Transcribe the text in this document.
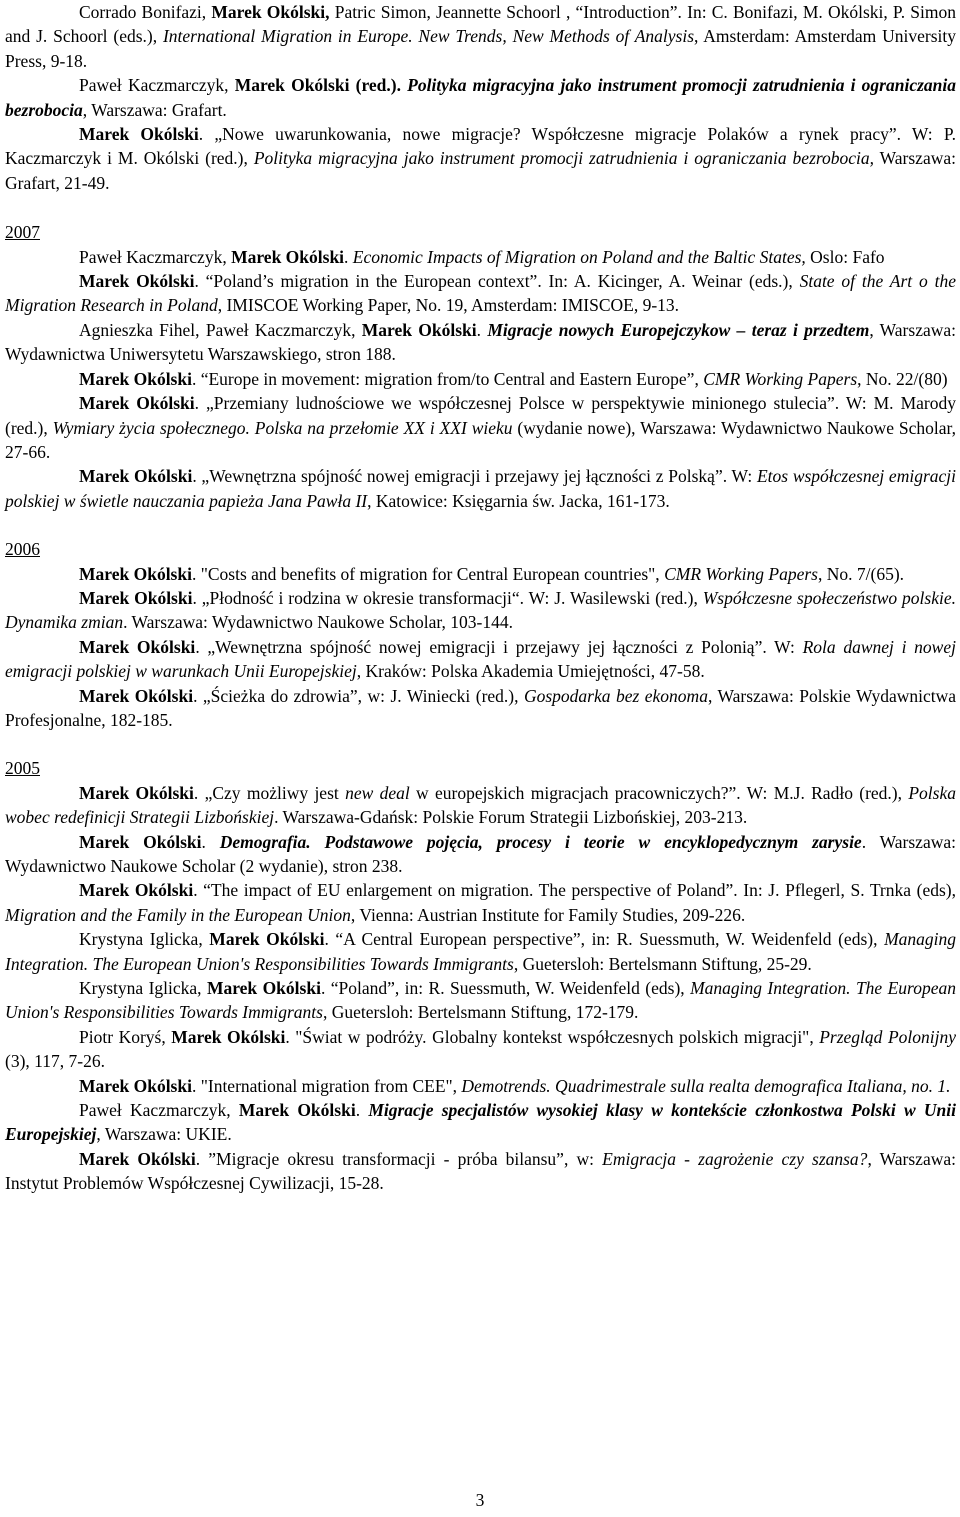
Corrado Bonifazi, Marek Okólski, Patric Simon, Jeannette Schoorl , “Introduction”. In: C. Bonifazi, M. Okólski, P. Simon and J. Schoorl (eds.), International Migration in Europe. New Trends, New Methods of Analysis, Amsterdam: Amsterdam University Press, 9-18.

Paweł Kaczmarczyk, Marek Okólski (red.). Polityka migracyjna jako instrument promocji zatrudnienia i ograniczania bezrobocia, Warszawa: Grafart.

Marek Okólski. „Nowe uwarunkowania, nowe migracje? Współczesne migracje Polaków a rynek pracy”. W: P. Kaczmarczyk i M. Okólski (red.), Polityka migracyjna jako instrument promocji zatrudnienia i ograniczania bezrobocia, Warszawa: Grafart, 21-49.

2007

Paweł Kaczmarczyk, Marek Okólski. Economic Impacts of Migration on Poland and the Baltic States, Oslo: Fafo

Marek Okólski. “Poland’s migration in the European context”. In: A. Kicinger, A. Weinar (eds.), State of the Art o the Migration Research in Poland, IMISCOE Working Paper, No. 19, Amsterdam: IMISCOE, 9-13.

Agnieszka Fihel, Paweł Kaczmarczyk, Marek Okólski. Migracje nowych Europejczykow – teraz i przedtem, Warszawa: Wydawnictwa Uniwersytetu Warszawskiego, stron 188.

Marek Okólski. “Europe in movement: migration from/to Central and Eastern Europe”, CMR Working Papers, No. 22/(80)

Marek Okólski. „Przemiany ludnościowe we współczesnej Polsce w perspektywie minionego stulecia”. W: M. Marody (red.), Wymiary życia społecznego. Polska na przełomie XX i XXI wieku (wydanie nowe), Warszawa: Wydawnictwo Naukowe Scholar, 27-66.

Marek Okólski. „Wewnętrzna spójność nowej emigracji i przejawy jej łączności z Polską”. W: Etos współczesnej emigracji polskiej w świetle nauczania papieża Jana Pawła II, Katowice: Księgarnia św. Jacka, 161-173.

2006

Marek Okólski. "Costs and benefits of migration for Central European countries", CMR Working Papers, No. 7/(65).

Marek Okólski. „Płodność i rodzina w okresie transformacji“. W: J. Wasilewski (red.), Współczesne społeczeństwo polskie. Dynamika zmian. Warszawa: Wydawnictwo Naukowe Scholar, 103-144.

Marek Okólski. „Wewnętrzna spójność nowej emigracji i przejawy jej łączności z Polonią”. W: Rola dawnej i nowej emigracji polskiej w warunkach Unii Europejskiej, Kraków: Polska Akademia Umiejętności, 47-58.

Marek Okólski. „Ścieżka do zdrowia”, w: J. Winiecki (red.), Gospodarka bez ekonoma, Warszawa: Polskie Wydawnictwa Profesjonalne, 182-185.

2005

Marek Okólski. „Czy możliwy jest new deal w europejskich migracjach pracowniczych?”. W: M.J. Radło (red.), Polska wobec redefinicji Strategii Lizbońskiej. Warszawa-Gdańsk: Polskie Forum Strategii Lizbońskiej, 203-213.

Marek Okólski. Demografia. Podstawowe pojęcia, procesy i teorie w encyklopedycznym zarysie. Warszawa: Wydawnictwo Naukowe Scholar (2 wydanie), stron 238.

Marek Okólski. “The impact of EU enlargement on migration. The perspective of Poland”. In: J. Pflegerl, S. Trnka (eds), Migration and the Family in the European Union, Vienna: Austrian Institute for Family Studies, 209-226.

Krystyna Iglicka, Marek Okólski. “A Central European perspective”, in: R. Suessmuth, W. Weidenfeld (eds), Managing Integration. The European Union's Responsibilities Towards Immigrants, Guetersloh: Bertelsmann Stiftung, 25-29.

Krystyna Iglicka, Marek Okólski. “Poland”, in: R. Suessmuth, W. Weidenfeld (eds), Managing Integration. The European Union's Responsibilities Towards Immigrants, Guetersloh: Bertelsmann Stiftung, 172-179.

Piotr Koryś, Marek Okólski. "Świat w podróży. Globalny kontekst współczesnych polskich migracji", Przegląd Polonijny (3), 117, 7-26.

Marek Okólski. "International migration from CEE", Demotrends. Quadrimestrale sulla realta demografica Italiana, no. 1.

Paweł Kaczmarczyk, Marek Okólski. Migracje specjalistów wysokiej klasy w kontekście członkostwa Polski w Unii Europejskiej, Warszawa: UKIE.

Marek Okólski. ”Migracje okresu transformacji - próba bilansu”, w: Emigracja - zagrożenie czy szansa?, Warszawa: Instytut Problemów Współczesnej Cywilizacji, 15-28.

3
